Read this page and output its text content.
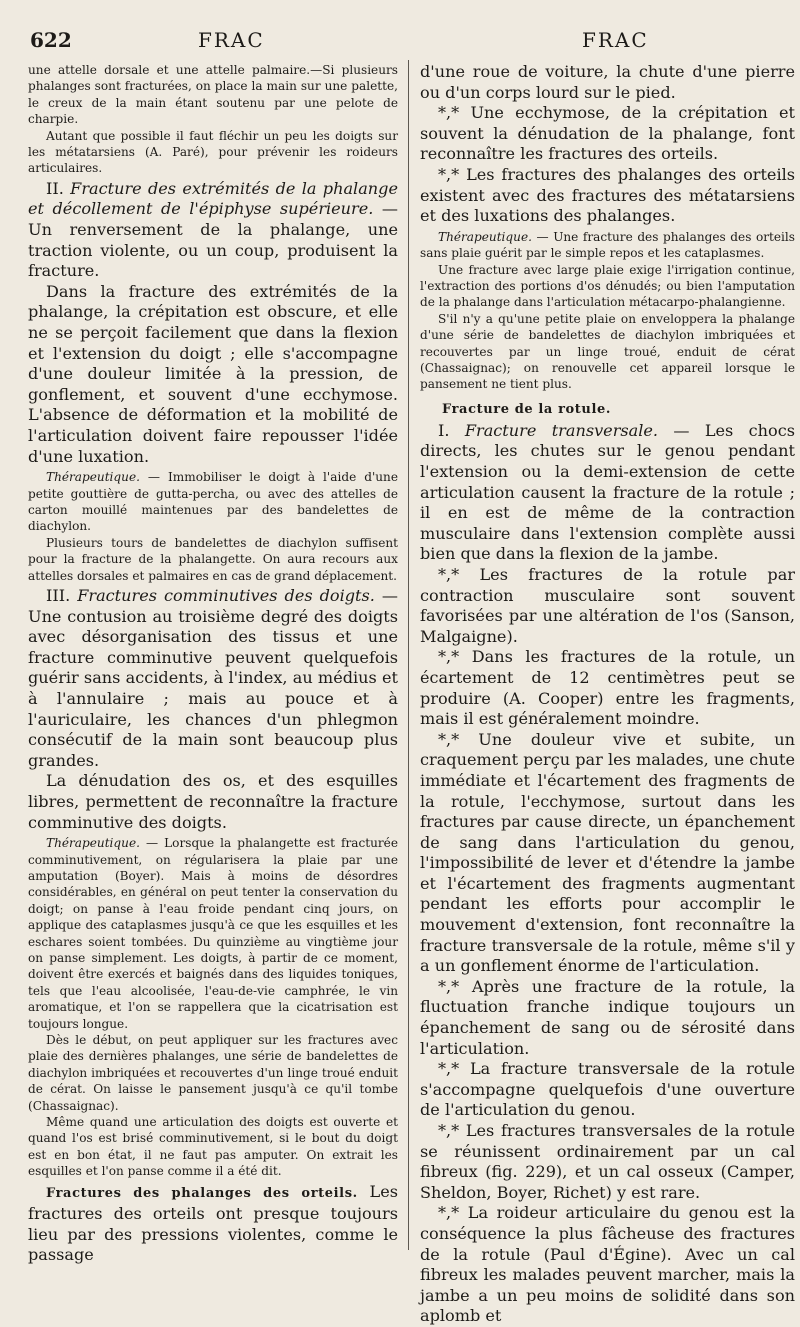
622	FRAC	FRAC

une attelle dorsale et une attelle palmaire.—Si plusieurs phalanges sont fracturées, on place la main sur une palette, le creux de la main étant soutenu par une pelote de charpie.

Autant que possible il faut fléchir un peu les doigts sur les métatarsiens (A. Paré), pour prévenir les roideurs articulaires.

II. Fracture des extrémités de la phalange et décollement de l'épiphyse supérieure. — Un renversement de la phalange, une traction violente, ou un coup, produisent la fracture.

Dans la fracture des extrémités de la phalange, la crépitation est obscure, et elle ne se perçoit facilement que dans la flexion et l'extension du doigt ; elle s'accompagne d'une douleur limitée à la pression, de gonflement, et souvent d'une ecchymose. L'absence de déformation et la mobilité de l'articulation doivent faire repousser l'idée d'une luxation.

Thérapeutique. — Immobiliser le doigt à l'aide d'une petite gouttière de gutta-percha, ou avec des attelles de carton mouillé maintenues par des bandelettes de diachylon.

Plusieurs tours de bandelettes de diachylon suffisent pour la fracture de la phalangette. On aura recours aux attelles dorsales et palmaires en cas de grand déplacement.

III. Fractures comminutives des doigts. — Une contusion au troisième degré des doigts avec désorganisation des tissus et une fracture comminutive peuvent quelquefois guérir sans accidents, à l'index, au médius et à l'annulaire ; mais au pouce et à l'auriculaire, les chances d'un phlegmon consécutif de la main sont beaucoup plus grandes.

La dénudation des os, et des esquilles libres, permettent de reconnaître la fracture comminutive des doigts.

Thérapeutique. — Lorsque la phalangette est fracturée comminutivement, on régularisera la plaie par une amputation (Boyer). Mais à moins de désordres considérables, en général on peut tenter la conservation du doigt; on panse à l'eau froide pendant cinq jours, on applique des cataplasmes jusqu'à ce que les esquilles et les eschares soient tombées. Du quinzième au vingtième jour on panse simplement. Les doigts, à partir de ce moment, doivent être exercés et baignés dans des liquides toniques, tels que l'eau alcoolisée, l'eau-de-vie camphrée, le vin aromatique, et l'on se rappellera que la cicatrisation est toujours longue.

Dès le début, on peut appliquer sur les fractures avec plaie des dernières phalanges, une série de bandelettes de diachylon imbriquées et recouvertes d'un linge troué enduit de cérat. On laisse le pansement jusqu'à ce qu'il tombe (Chassaignac).

Même quand une articulation des doigts est ouverte et quand l'os est brisé comminutivement, si le bout du doigt est en bon état, il ne faut pas amputer. On extrait les esquilles et l'on panse comme il a été dit.

Fractures des phalanges des orteils. Les fractures des orteils ont presque toujours lieu par des pressions violentes, comme le passage

d'une roue de voiture, la chute d'une pierre ou d'un corps lourd sur le pied.

*,* Une ecchymose, de la crépitation et souvent la dénudation de la phalange, font reconnaître les fractures des orteils.

*,* Les fractures des phalanges des orteils existent avec des fractures des métatarsiens et des luxations des phalanges.

Thérapeutique. — Une fracture des phalanges des orteils sans plaie guérit par le simple repos et les cataplasmes.

Une fracture avec large plaie exige l'irrigation continue, l'extraction des portions d'os dénudés; ou bien l'amputation de la phalange dans l'articulation métacarpo-phalangienne.

S'il n'y a qu'une petite plaie on enveloppera la phalange d'une série de bandelettes de diachylon imbriquées et recouvertes par un linge troué, enduit de cérat (Chassaignac); on renouvelle cet appareil lorsque le pansement ne tient plus.

Fracture de la rotule.

I. Fracture transversale. — Les chocs directs, les chutes sur le genou pendant l'extension ou la demi-extension de cette articulation causent la fracture de la rotule ; il en est de même de la contraction musculaire dans l'extension complète aussi bien que dans la flexion de la jambe.

*,* Les fractures de la rotule par contraction musculaire sont souvent favorisées par une altération de l'os (Sanson, Malgaigne).

*,* Dans les fractures de la rotule, un écartement de 12 centimètres peut se produire (A. Cooper) entre les fragments, mais il est généralement moindre.

*,* Une douleur vive et subite, un craquement perçu par les malades, une chute immédiate et l'écartement des fragments de la rotule, l'ecchymose, surtout dans les fractures par cause directe, un épanchement de sang dans l'articulation du genou, l'impossibilité de lever et d'étendre la jambe et l'écartement des fragments augmentant pendant les efforts pour accomplir le mouvement d'extension, font reconnaître la fracture transversale de la rotule, même s'il y a un gonflement énorme de l'articulation.

*,* Après une fracture de la rotule, la fluctuation franche indique toujours un épanchement de sang ou de sérosité dans l'articulation.

*,* La fracture transversale de la rotule s'accompagne quelquefois d'une ouverture de l'articulation du genou.

*,* Les fractures transversales de la rotule se réunissent ordinairement par un cal fibreux (fig. 229), et un cal osseux (Camper, Sheldon, Boyer, Richet) y est rare.

*,* La roideur articulaire du genou est la conséquence la plus fâcheuse des fractures de la rotule (Paul d'Égine). Avec un cal fibreux les malades peuvent marcher, mais la jambe a un peu moins de solidité dans son aplomb et
